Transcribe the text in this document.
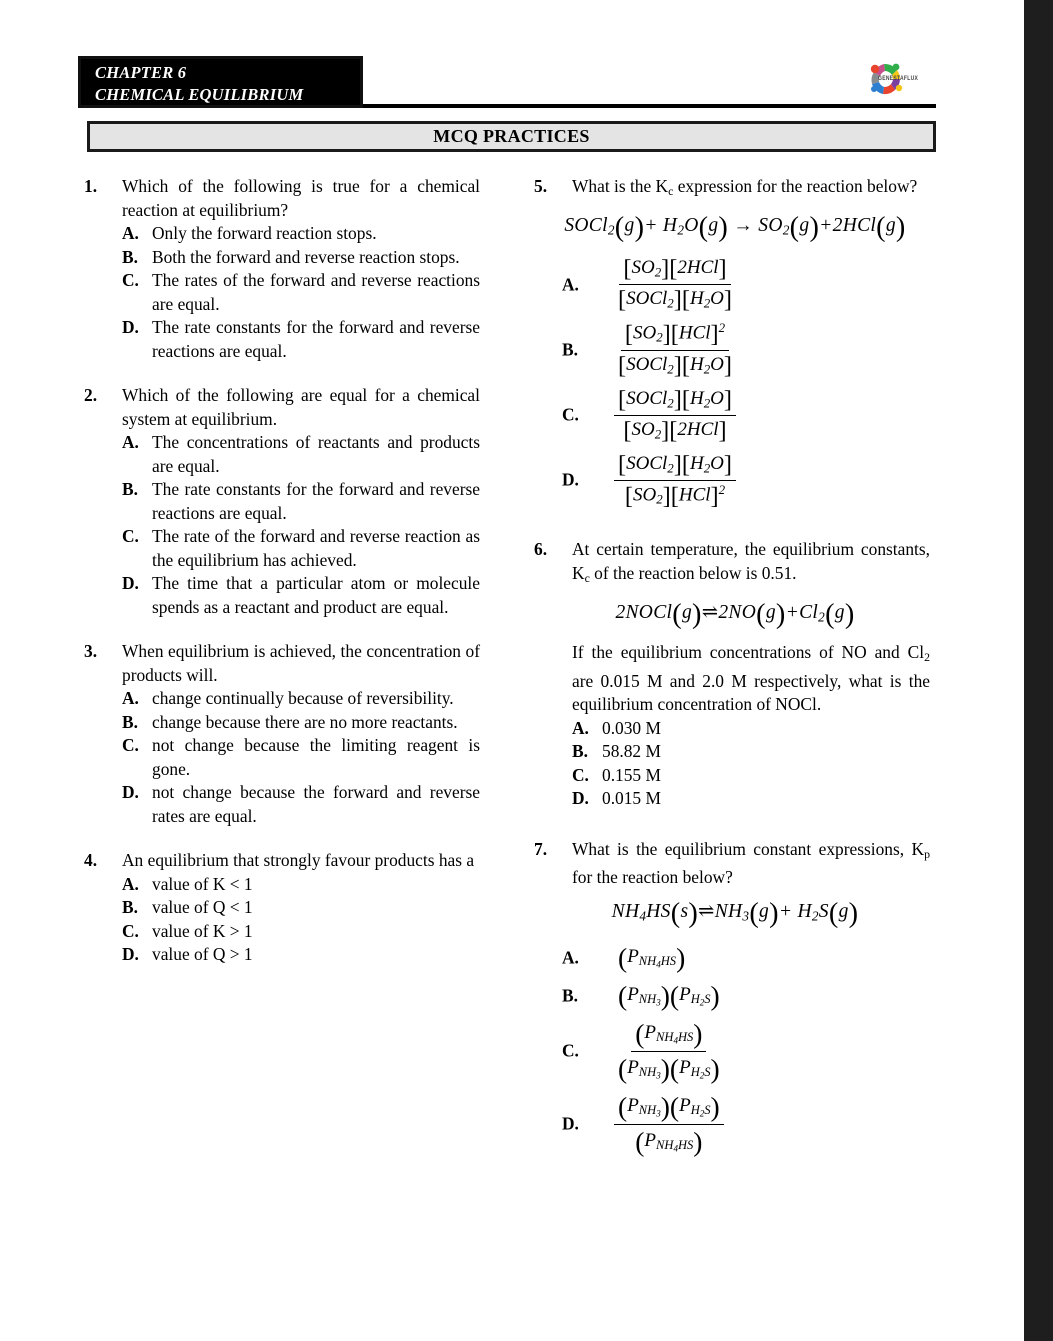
CHAPTER 6
CHEMICAL EQUILIBRIUM
GENESTAFLUX
MCQ PRACTICES
1. Which of the following is true for a chemical reaction at equilibrium?
A. Only the forward reaction stops.
B. Both the forward and reverse reaction stops.
C. The rates of the forward and reverse reactions are equal.
D. The rate constants for the forward and reverse reactions are equal.
2. Which of the following are equal for a chemical system at equilibrium.
A. The concentrations of reactants and products are equal.
B. The rate constants for the forward and reverse reactions are equal.
C. The rate of the forward and reverse reaction as the equilibrium has achieved.
D. The time that a particular atom or molecule spends as a reactant and product are equal.
3. When equilibrium is achieved, the concentration of products will.
A. change continually because of reversibility.
B. change because there are no more reactants.
C. not change because the limiting reagent is gone.
D. not change because the forward and reverse rates are equal.
4. An equilibrium that strongly favour products has a
A. value of K < 1
B. value of Q < 1
C. value of K > 1
D. value of Q > 1
5. What is the $K_c$ expression for the reaction below?
SOCl$_2$(g)+ $H_2O(g) \to SO_2(g)+2HCl(g)$
A. $\frac{[SO_2][2HCl]}{[SOCl_2][H_2O]}$
B. $\frac{[SO_2][HCl]^2}{[SOCl_2][H_2O]}$
C. $\frac{[SOCl_2][H_2O]}{[SO_2][2HCl]}$
D. $\frac{[SOCl_2][H_2O]}{[SO_2][HCl]^2}$
6. At certain temperature, the equilibrium constants, $K_c$ of the reaction below is 0.51.
$2NOCl(g)\rightleftharpoons 2NO(g)+Cl_2(g)$
If the equilibrium concentrations of NO and $Cl_2$ are 0.015 M and 2.0 M respectively, what is the equilibrium concentration of NOCl.
A. 0.030 M
B. 58.82 M
C. 0.155 M
D. 0.015 M
7. What is the equilibrium constant expressions, $K_p$ for the reaction below?
$NH_4HS(s)\rightleftharpoons NH_3(g)+ H_2S(g)$
A. $(PNH_4HS)$
B. $(PNH_3)(PH_2S)$
C. $\frac{(PNH_4HS)}{(PNH_3)(PH_2S)}$
D. $\frac{(PNH_3)(PH_2S)}{(PNH_4HS)}$
